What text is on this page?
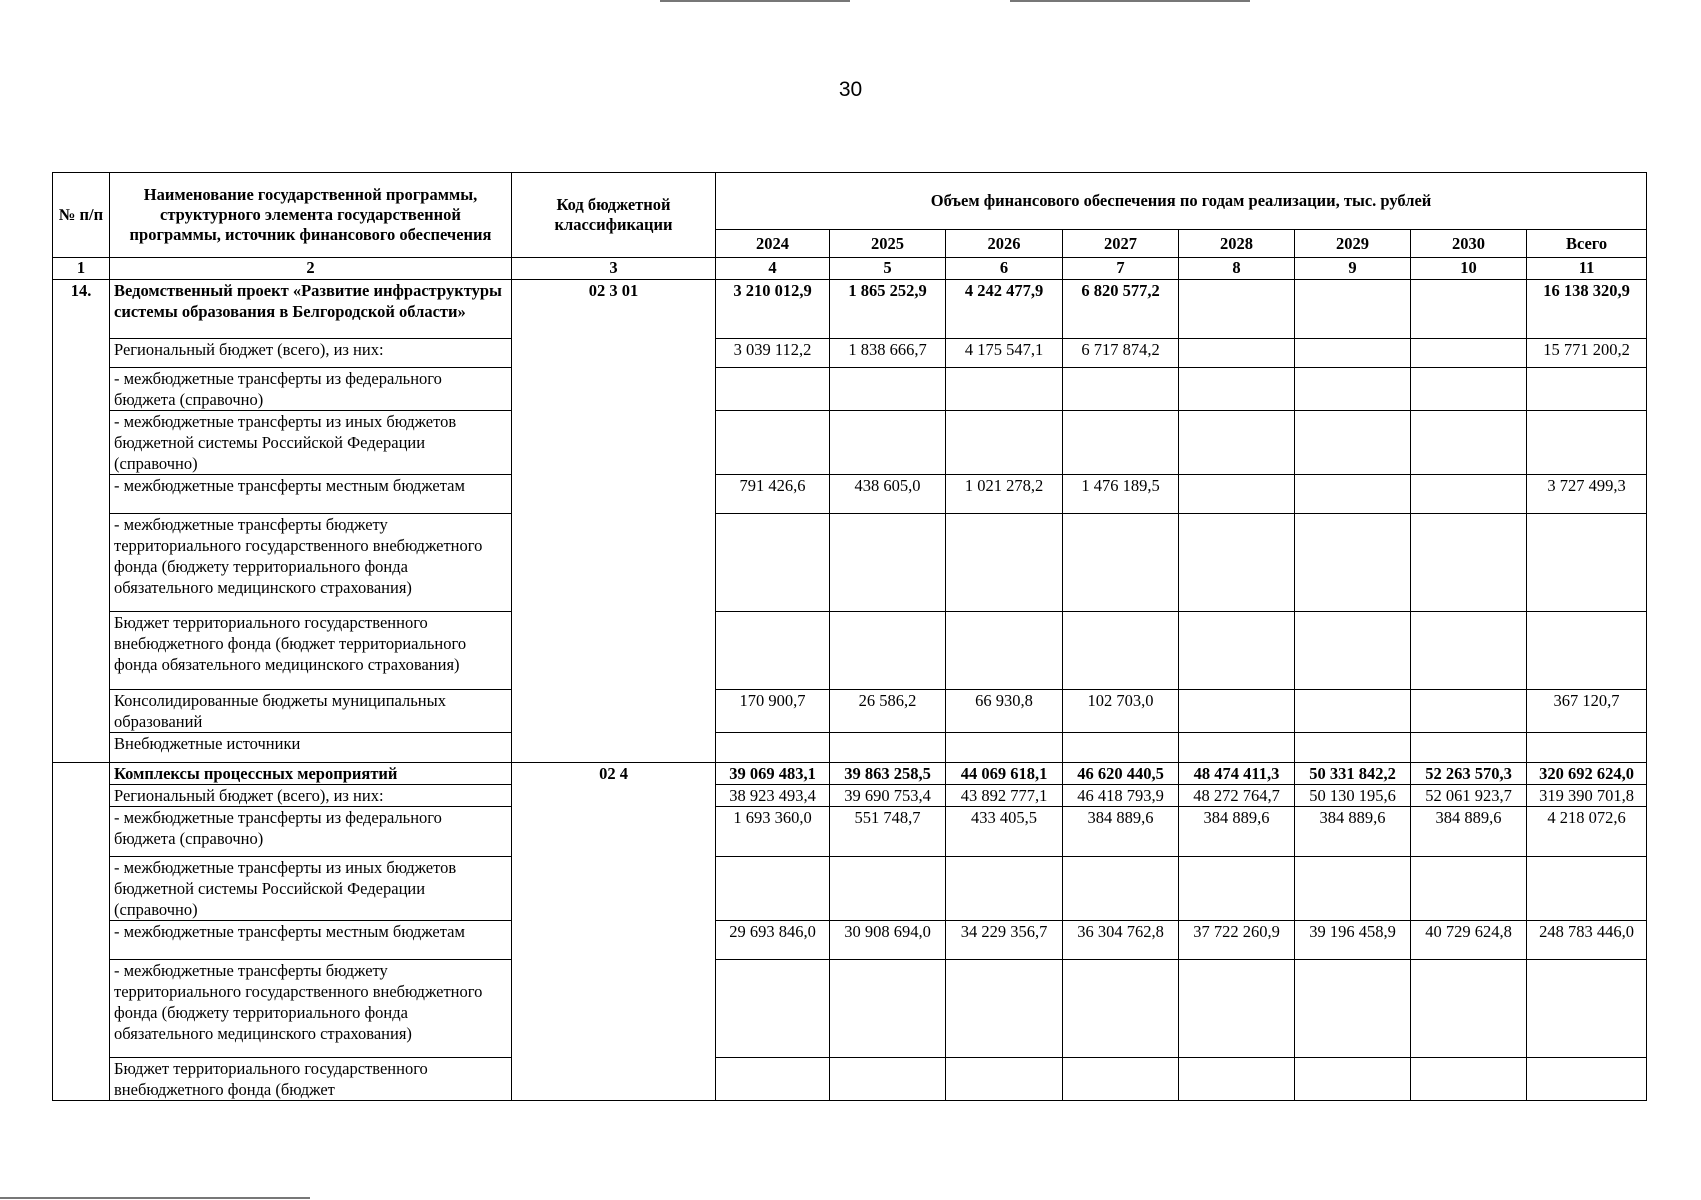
30
№ п/п	Наименование государственной программы, структурного элемента государственной программы, источник финансового обеспечения	Код бюджетной классификации	Объем финансового обеспечения по годам реализации, тыс. рублей							
			2024	2025	2026	2027	2028	2029	2030	Всего
1	2	3	4	5	6	7	8	9	10	11
14.	Ведомственный проект «Развитие инфраструктуры системы образования в Белгородской области»	02 3 01	3 210 012,9	1 865 252,9	4 242 477,9	6 820 577,2				16 138 320,9
	Региональный бюджет (всего), из них:		3 039 112,2	1 838 666,7	4 175 547,1	6 717 874,2				15 771 200,2
	- межбюджетные трансферты из федерального бюджета (справочно)									
	- межбюджетные трансферты из иных бюджетов бюджетной системы Российской Федерации (справочно)									
	- межбюджетные трансферты местным бюджетам		791 426,6	438 605,0	1 021 278,2	1 476 189,5				3 727 499,3
	- межбюджетные трансферты бюджету территориального государственного внебюджетного фонда (бюджету территориального фонда обязательного медицинского страхования)									
	Бюджет территориального государственного внебюджетного фонда (бюджет территориального фонда обязательного медицинского страхования)									
	Консолидированные бюджеты муниципальных образований		170 900,7	26 586,2	66 930,8	102 703,0				367 120,7
	Внебюджетные источники									
	Комплексы процессных мероприятий	02 4	39 069 483,1	39 863 258,5	44 069 618,1	46 620 440,5	48 474 411,3	50 331 842,2	52 263 570,3	320 692 624,0
	Региональный бюджет (всего), из них:		38 923 493,4	39 690 753,4	43 892 777,1	46 418 793,9	48 272 764,7	50 130 195,6	52 061 923,7	319 390 701,8
	- межбюджетные трансферты из федерального бюджета (справочно)		1 693 360,0	551 748,7	433 405,5	384 889,6	384 889,6	384 889,6	384 889,6	4 218 072,6
	- межбюджетные трансферты из иных бюджетов бюджетной системы Российской Федерации (справочно)									
	- межбюджетные трансферты местным бюджетам		29 693 846,0	30 908 694,0	34 229 356,7	36 304 762,8	37 722 260,9	39 196 458,9	40 729 624,8	248 783 446,0
	- межбюджетные трансферты бюджету территориального государственного внебюджетного фонда (бюджету территориального фонда обязательного медицинского страхования)									
	Бюджет территориального государственного внебюджетного фонда (бюджет									
